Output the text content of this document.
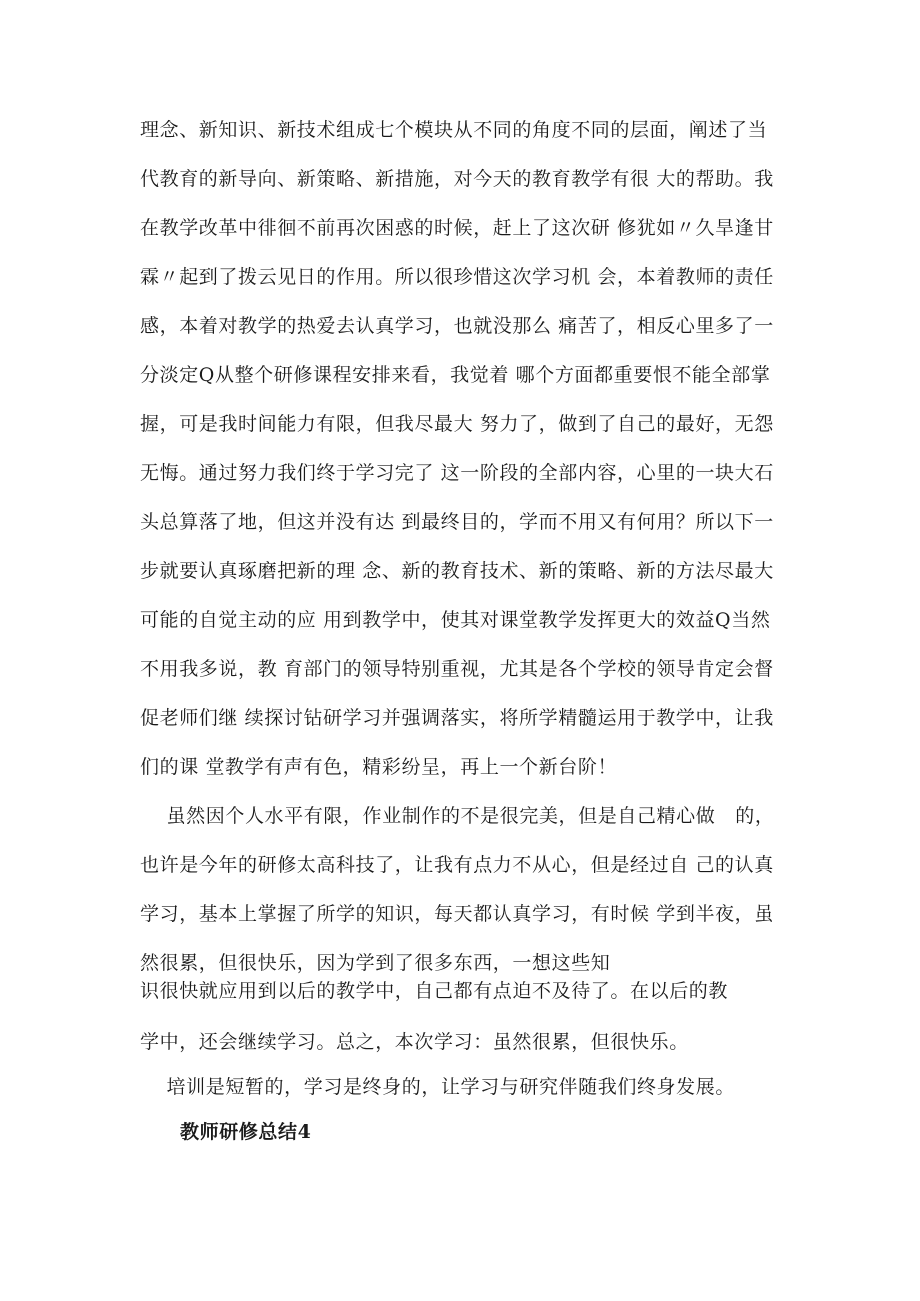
理念、新知识、新技术组成七个模块从不同的角度不同的层面，阐述了当
代教育的新导向、新策略、新措施，对今天的教育教学有很 大的帮助。我
在教学改革中徘徊不前再次困惑的时候，赶上了这次研 修犹如〃久旱逢甘
霖〃起到了拨云见日的作用。所以很珍惜这次学习机 会，本着教师的责任
感，本着对教学的热爱去认真学习，也就没那么 痛苦了，相反心里多了一
分淡定Q从整个研修课程安排来看，我觉着 哪个方面都重要恨不能全部掌
握，可是我时间能力有限，但我尽最大 努力了，做到了自己的最好，无怨
无悔。通过努力我们终于学习完了 这一阶段的全部内容，心里的一块大石
头总算落了地，但这并没有达 到最终目的，学而不用又有何用？所以下一
步就要认真琢磨把新的理 念、新的教育技术、新的策略、新的方法尽最大
可能的自觉主动的应 用到教学中，使其对课堂教学发挥更大的效益Q当然
不用我多说，教 育部门的领导特别重视，尤其是各个学校的领导肯定会督
促老师们继 续探讨钻研学习并强调落实，将所学精髓运用于教学中，让我
们的课 堂教学有声有色，精彩纷呈，再上一个新台阶！
虽然因个人水平有限，作业制作的不是很完美，但是自己精心做   的，
也许是今年的研修太高科技了，让我有点力不从心，但是经过自 己的认真
学习，基本上掌握了所学的知识，每天都认真学习，有时候 学到半夜，虽
然很累，但很快乐，因为学到了很多东西，一想这些知
识很快就应用到以后的教学中，自己都有点迫不及待了。在以后的教
学中，还会继续学习。总之，本次学习：虽然很累，但很快乐。
培训是短暂的，学习是终身的，让学习与研究伴随我们终身发展。
教师研修总结4
